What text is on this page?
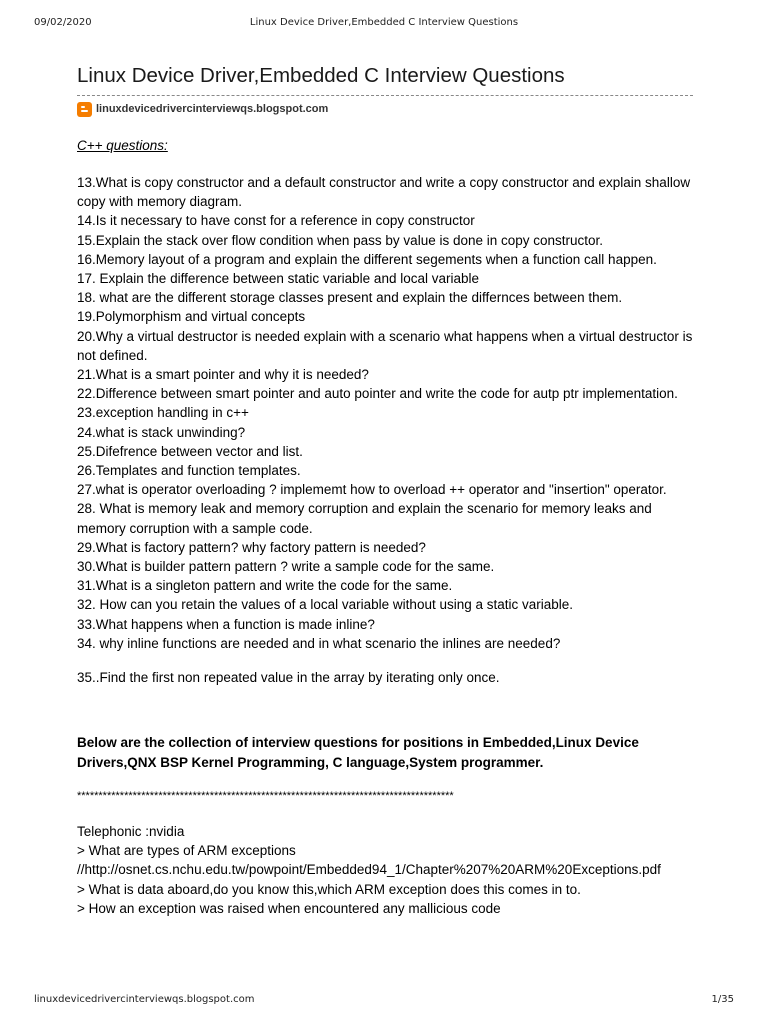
09/02/2020	Linux Device Driver,Embedded C Interview Questions
Linux Device Driver,Embedded C Interview Questions
linuxdevicedrivercinterviewqs.blogspot.com
C++ questions:
13.What is copy constructor and a default constructor and write a copy constructor and explain shallow copy with memory diagram.
14.Is it necessary to have const for a reference in copy constructor
15.Explain the stack over flow condition when pass by value is done in copy constructor.
16.Memory layout of a program and explain the different segements when a function call happen.
17. Explain the difference between static variable and local variable
18. what are the different storage classes present and explain the differnces between them.
19.Polymorphism and virtual concepts
20.Why a virtual destructor is needed explain with a scenario what happens when a virtual destructor is not defined.
21.What is a smart pointer and why it is needed?
22.Difference between smart pointer and auto pointer and write the code for autp ptr implementation.
23.exception handling in c++
24.what is stack unwinding?
25.Difefrence between vector and list.
26.Templates and function templates.
27.what is operator overloading ? implememt how to overload ++ operator and "insertion" operator.
28. What is memory leak and memory corruption and explain the scenario for memory leaks and memory corruption with a sample code.
29.What is factory pattern? why factory pattern is needed?
30.What is builder pattern pattern ? write a sample code for the same.
31.What is a singleton pattern and write the code for the same.
32. How can you retain the values of a local variable without using a static variable.
33.What happens when a function is made inline?
34. why inline functions are needed and in what scenario the inlines are needed?
35..Find the first non repeated value in the array by iterating only once.
Below are the collection of interview questions for positions in Embedded,Linux Device Drivers,QNX BSP Kernel Programming, C language,System programmer.
****************************************************************************************
Telephonic :nvidia
> What are types of ARM exceptions
//http://osnet.cs.nchu.edu.tw/powpoint/Embedded94_1/Chapter%207%20ARM%20Exceptions.pdf
> What is data aboard,do you know this,which ARM exception does this comes in to.
> How an exception was raised when encountered any mallicious code
linuxdevicedrivercinterviewqs.blogspot.com	1/35
